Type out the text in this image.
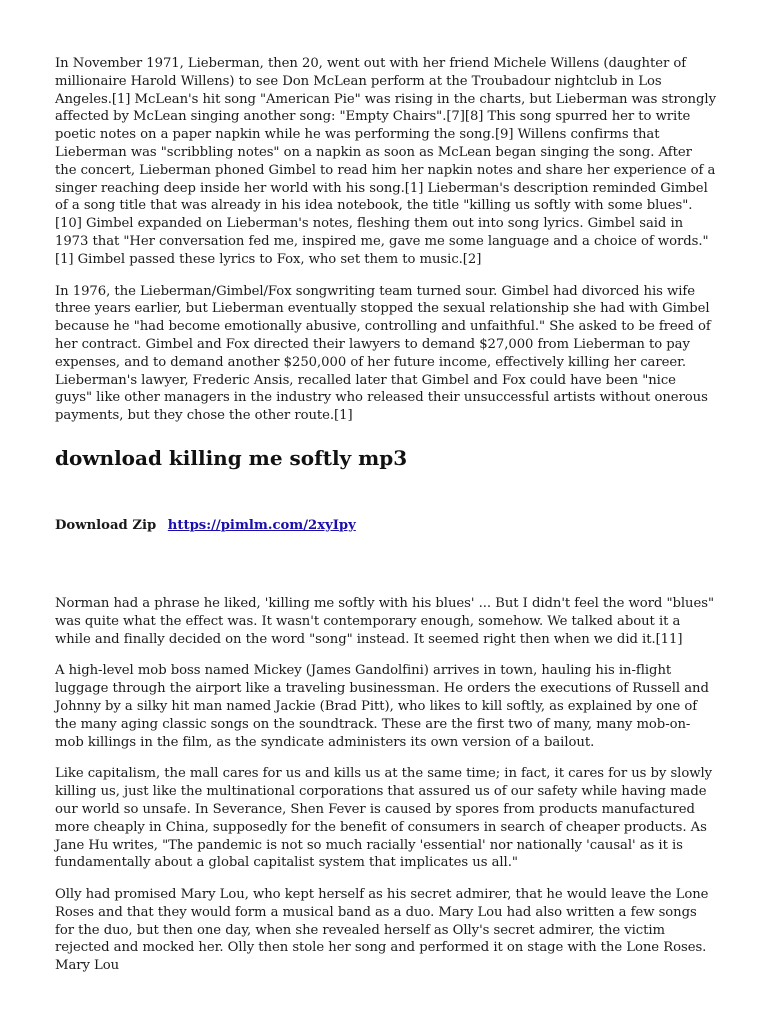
In November 1971, Lieberman, then 20, went out with her friend Michele Willens (daughter of millionaire Harold Willens) to see Don McLean perform at the Troubadour nightclub in Los Angeles.[1] McLean's hit song "American Pie" was rising in the charts, but Lieberman was strongly affected by McLean singing another song: "Empty Chairs".[7][8] This song spurred her to write poetic notes on a paper napkin while he was performing the song.[9] Willens confirms that Lieberman was "scribbling notes" on a napkin as soon as McLean began singing the song. After the concert, Lieberman phoned Gimbel to read him her napkin notes and share her experience of a singer reaching deep inside her world with his song.[1] Lieberman's description reminded Gimbel of a song title that was already in his idea notebook, the title "killing us softly with some blues".[10] Gimbel expanded on Lieberman's notes, fleshing them out into song lyrics. Gimbel said in 1973 that "Her conversation fed me, inspired me, gave me some language and a choice of words."[1] Gimbel passed these lyrics to Fox, who set them to music.[2]

In 1976, the Lieberman/Gimbel/Fox songwriting team turned sour. Gimbel had divorced his wife three years earlier, but Lieberman eventually stopped the sexual relationship she had with Gimbel because he "had become emotionally abusive, controlling and unfaithful." She asked to be freed of her contract. Gimbel and Fox directed their lawyers to demand $27,000 from Lieberman to pay expenses, and to demand another $250,000 of her future income, effectively killing her career. Lieberman's lawyer, Frederic Ansis, recalled later that Gimbel and Fox could have been "nice guys" like other managers in the industry who released their unsuccessful artists without onerous payments, but they chose the other route.[1]

download killing me softly mp3
Download Zip https://pimlm.com/2xyIpy

Norman had a phrase he liked, 'killing me softly with his blues' ... But I didn't feel the word "blues" was quite what the effect was. It wasn't contemporary enough, somehow. We talked about it a while and finally decided on the word "song" instead. It seemed right then when we did it.[11]

A high-level mob boss named Mickey (James Gandolfini) arrives in town, hauling his in-flight luggage through the airport like a traveling businessman. He orders the executions of Russell and Johnny by a silky hit man named Jackie (Brad Pitt), who likes to kill softly, as explained by one of the many aging classic songs on the soundtrack. These are the first two of many, many mob-on-mob killings in the film, as the syndicate administers its own version of a bailout.

Like capitalism, the mall cares for us and kills us at the same time; in fact, it cares for us by slowly killing us, just like the multinational corporations that assured us of our safety while having made our world so unsafe. In Severance, Shen Fever is caused by spores from products manufactured more cheaply in China, supposedly for the benefit of consumers in search of cheaper products. As Jane Hu writes, "The pandemic is not so much racially 'essential' nor nationally 'causal' as it is fundamentally about a global capitalist system that implicates us all."

Olly had promised Mary Lou, who kept herself as his secret admirer, that he would leave the Lone Roses and that they would form a musical band as a duo. Mary Lou had also written a few songs for the duo, but then one day, when she revealed herself as Olly's secret admirer, the victim rejected and mocked her. Olly then stole her song and performed it on stage with the Lone Roses. Mary Lou
